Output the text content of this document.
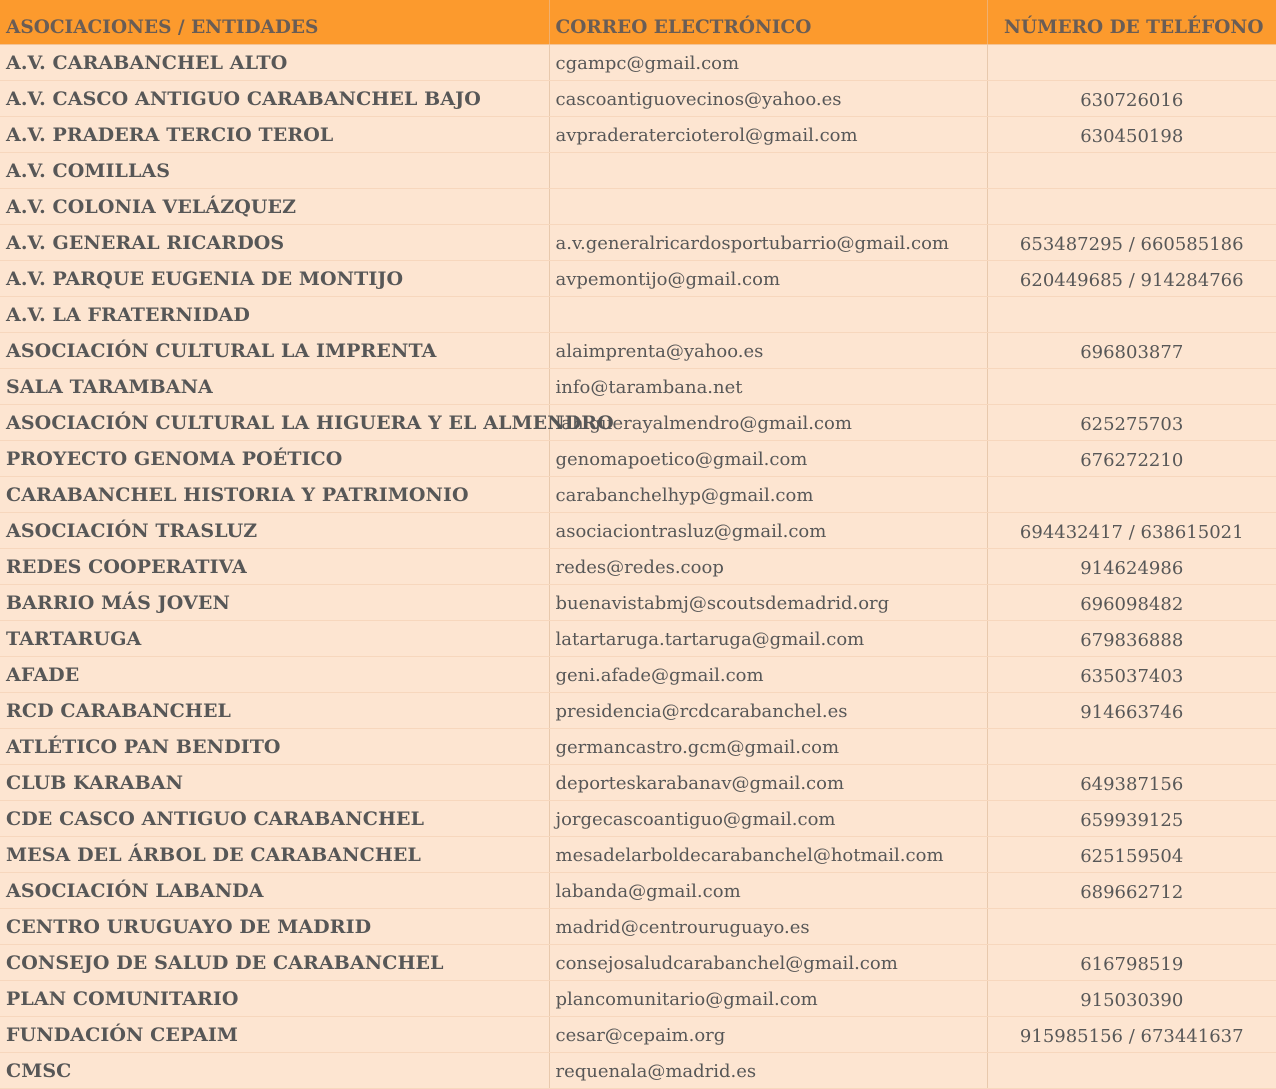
ASOCIACIONES / ENTIDADES	CORREO ELECTRÓNICO	NÚMERO DE TELÉFONO
A.V. CARABANCHEL ALTO	cgampc@gmail.com	
A.V. CASCO ANTIGUO CARABANCHEL BAJO	cascoantiguovecinos@yahoo.es	630726016
A.V. PRADERA TERCIO TEROL	avpraderatercioterol@gmail.com	630450198
A.V. COMILLAS		
A.V. COLONIA VELÁZQUEZ		
A.V. GENERAL RICARDOS	a.v.generalricardosportubarrio@gmail.com	653487295 / 660585186
A.V. PARQUE EUGENIA DE MONTIJO	avpemontijo@gmail.com	620449685 / 914284766
A.V. LA FRATERNIDAD		
ASOCIACIÓN CULTURAL LA IMPRENTA	alaimprenta@yahoo.es	696803877
SALA TARAMBANA	info@tarambana.net	
ASOCIACIÓN CULTURAL LA HIGUERA Y EL ALMENDRO	lahiguerayalmendro@gmail.com	625275703
PROYECTO GENOMA POÉTICO	genomapoetico@gmail.com	676272210
CARABANCHEL HISTORIA Y PATRIMONIO	carabanchelhyp@gmail.com	
ASOCIACIÓN TRASLUZ	asociaciontrasluz@gmail.com	694432417 / 638615021
REDES COOPERATIVA	redes@redes.coop	914624986
BARRIO MÁS JOVEN	buenavistabmj@scoutsdemadrid.org	696098482
TARTARUGA	latartaruga.tartaruga@gmail.com	679836888
AFADE	geni.afade@gmail.com	635037403
RCD CARABANCHEL	presidencia@rcdcarabanchel.es	914663746
ATLÉTICO PAN BENDITO	germancastro.gcm@gmail.com	
CLUB KARABAN	deporteskarabanav@gmail.com	649387156
CDE CASCO ANTIGUO CARABANCHEL	jorgecascoantiguo@gmail.com	659939125
MESA DEL ÁRBOL DE CARABANCHEL	mesadelarboldecarabanchel@hotmail.com	625159504
ASOCIACIÓN LABANDA	labanda@gmail.com	689662712
CENTRO URUGUAYO DE MADRID	madrid@centrouruguayo.es	
CONSEJO DE SALUD DE CARABANCHEL	consejosaludcarabanchel@gmail.com	616798519
PLAN COMUNITARIO	plancomunitario@gmail.com	915030390
FUNDACIÓN CEPAIM	cesar@cepaim.org	915985156 / 673441637
CMSC	requenala@madrid.es	
